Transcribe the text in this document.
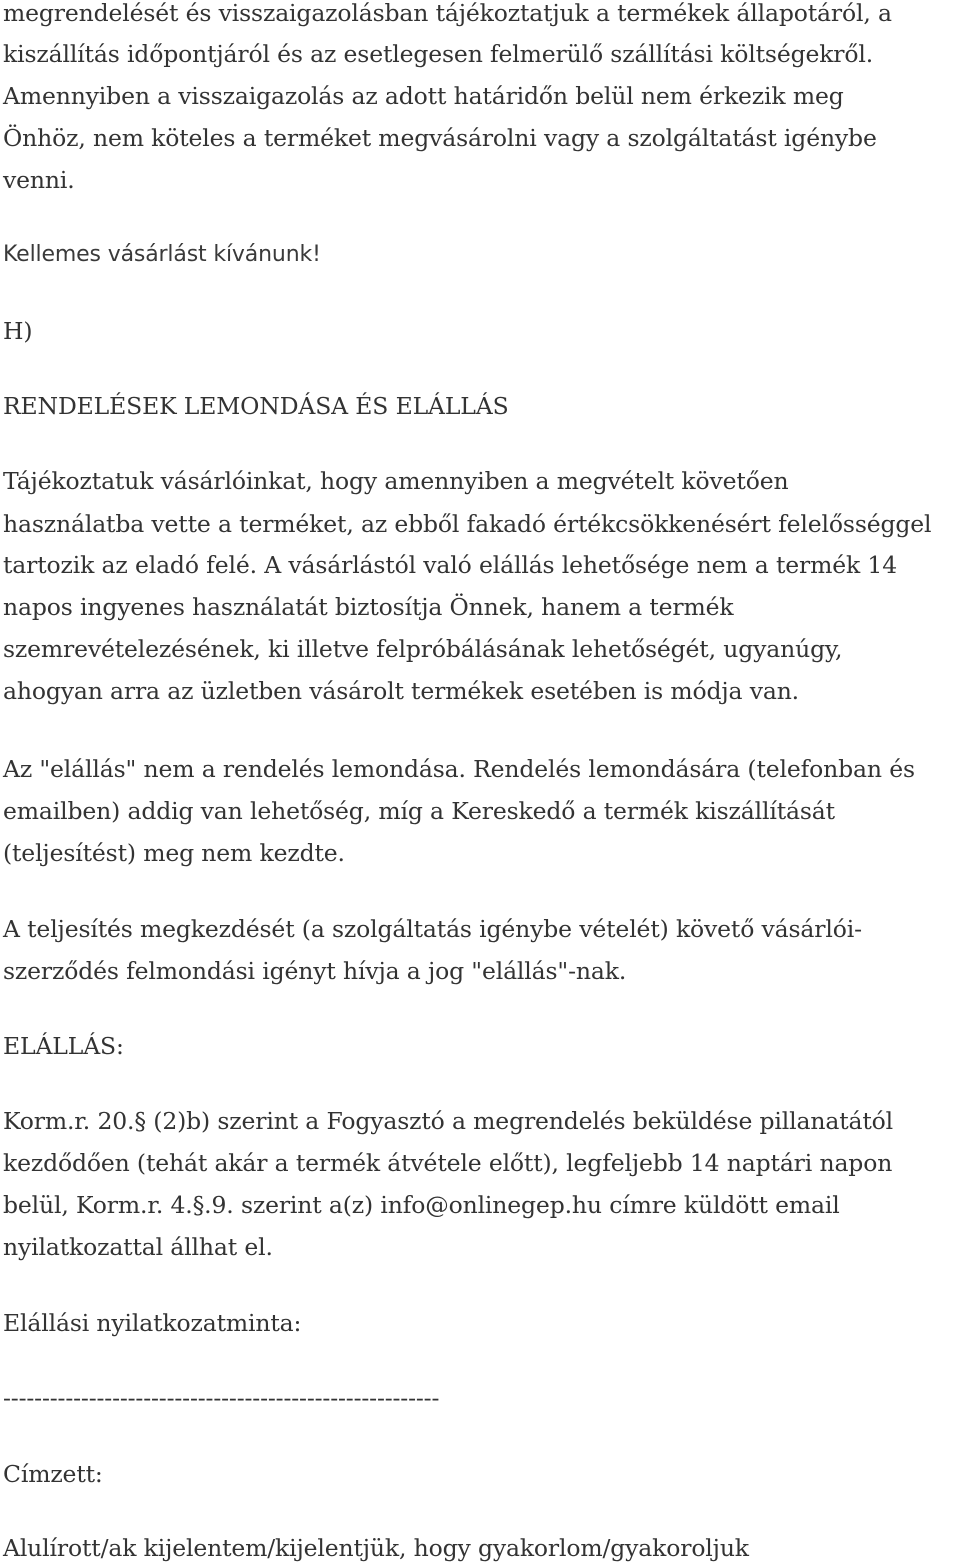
megrendelését és visszaigazolásban tájékoztatjuk a termékek állapotáról, a
kiszállítás időpontjáról és az esetlegesen felmerülő szállítási költségekről.
Amennyiben a visszaigazolás az adott határidőn belül nem érkezik meg
Önhöz, nem köteles a terméket megvásárolni vagy a szolgáltatást igénybe
venni.
Kellemes vásárlást kívánunk!
H)
RENDELÉSEK LEMONDÁSA ÉS ELÁLLÁS
Tájékoztatuk vásárlóinkat, hogy amennyiben a megvételt követően
használatba vette a terméket, az ebből fakadó értékcsökkenésért felelősséggel
tartozik az eladó felé. A vásárlástól való elállás lehetősége nem a termék 14
napos ingyenes használatát biztosítja Önnek, hanem a termék
szemrevételezésének, ki illetve felpróbálásának lehetőségét, ugyanúgy,
ahogyan arra az üzletben vásárolt termékek esetében is módja van.
Az "elállás" nem a rendelés lemondása. Rendelés lemondására (telefonban és
emailben) addig van lehetőség, míg a Kereskedő a termék kiszállítását
(teljesítést) meg nem kezdte.
A teljesítés megkezdését (a szolgáltatás igénybe vételét) követő vásárlói-
szerződés felmondási igényt hívja a jog "elállás"-nak.
ELÁLLÁS:
Korm.r. 20.§ (2)b) szerint a Fogyasztó a megrendelés beküldése pillanatától
kezdődően (tehát akár a termék átvétele előtt), legfeljebb 14 naptári napon
belül, Korm.r. 4.§.9. szerint a(z) info@onlinegep.hu címre küldött email
nyilatkozattal állhat el.
Elállási nyilatkozatminta:
--------------------------------------------------------
Címzett:
Alulírott/ak kijelentem/kijelentjük, hogy gyakorlom/gyakoroljuk
